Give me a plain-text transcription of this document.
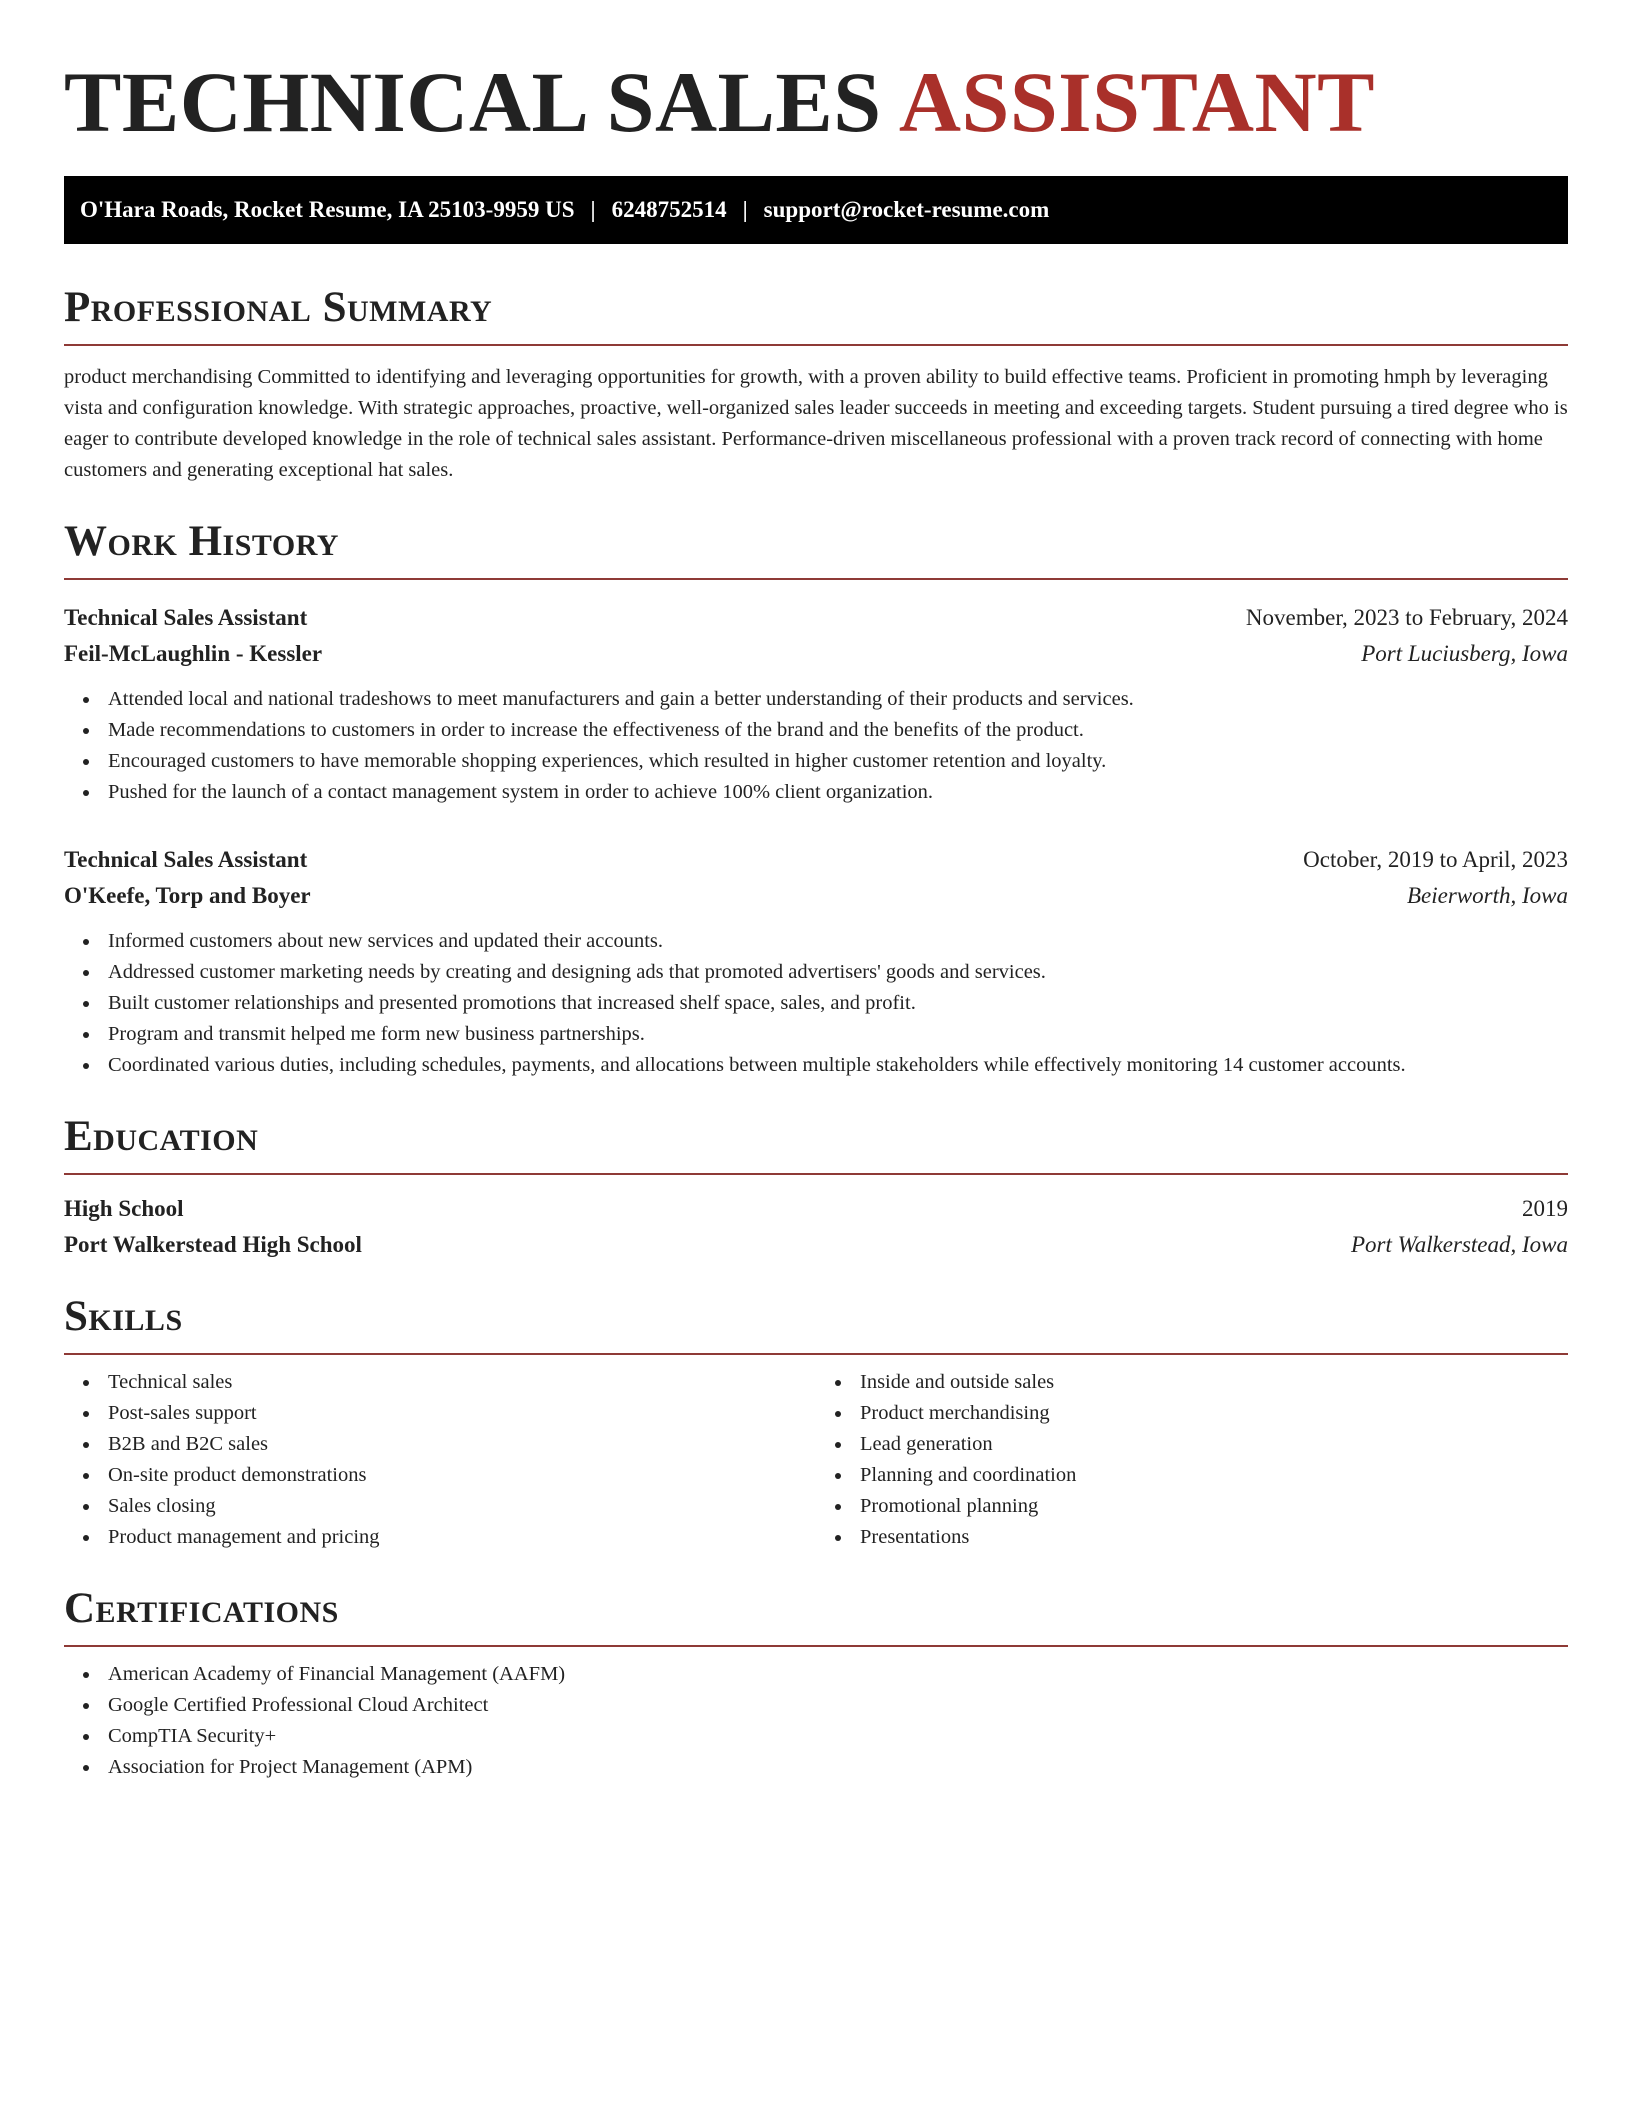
TECHNICAL SALES ASSISTANT
O'Hara Roads, Rocket Resume, IA 25103-9959 US | 6248752514 | support@rocket-resume.com
Professional Summary

product merchandising Committed to identifying and leveraging opportunities for growth, with a proven ability to build effective teams. Proficient in promoting hmph by leveraging vista and configuration knowledge. With strategic approaches, proactive, well-organized sales leader succeeds in meeting and exceeding targets. Student pursuing a tired degree who is eager to contribute developed knowledge in the role of technical sales assistant. Performance-driven miscellaneous professional with a proven track record of connecting with home customers and generating exceptional hat sales.

Work History
Technical Sales Assistant	November, 2023 to February, 2024
Feil-McLaughlin - Kessler	Port Luciusberg, Iowa
Attended local and national tradeshows to meet manufacturers and gain a better understanding of their products and services.
Made recommendations to customers in order to increase the effectiveness of the brand and the benefits of the product.
Encouraged customers to have memorable shopping experiences, which resulted in higher customer retention and loyalty.
Pushed for the launch of a contact management system in order to achieve 100% client organization.
Technical Sales Assistant	October, 2019 to April, 2023
O'Keefe, Torp and Boyer	Beierworth, Iowa
Informed customers about new services and updated their accounts.
Addressed customer marketing needs by creating and designing ads that promoted advertisers' goods and services.
Built customer relationships and presented promotions that increased shelf space, sales, and profit.
Program and transmit helped me form new business partnerships.
Coordinated various duties, including schedules, payments, and allocations between multiple stakeholders while effectively monitoring 14 customer accounts.
Education
High School	2019
Port Walkerstead High School	Port Walkerstead, Iowa
Skills
Technical sales
Post-sales support
B2B and B2C sales
On-site product demonstrations
Sales closing
Product management and pricing
Inside and outside sales
Product merchandising
Lead generation
Planning and coordination
Promotional planning
Presentations
Certifications
American Academy of Financial Management (AAFM)
Google Certified Professional Cloud Architect
CompTIA Security+
Association for Project Management (APM)
